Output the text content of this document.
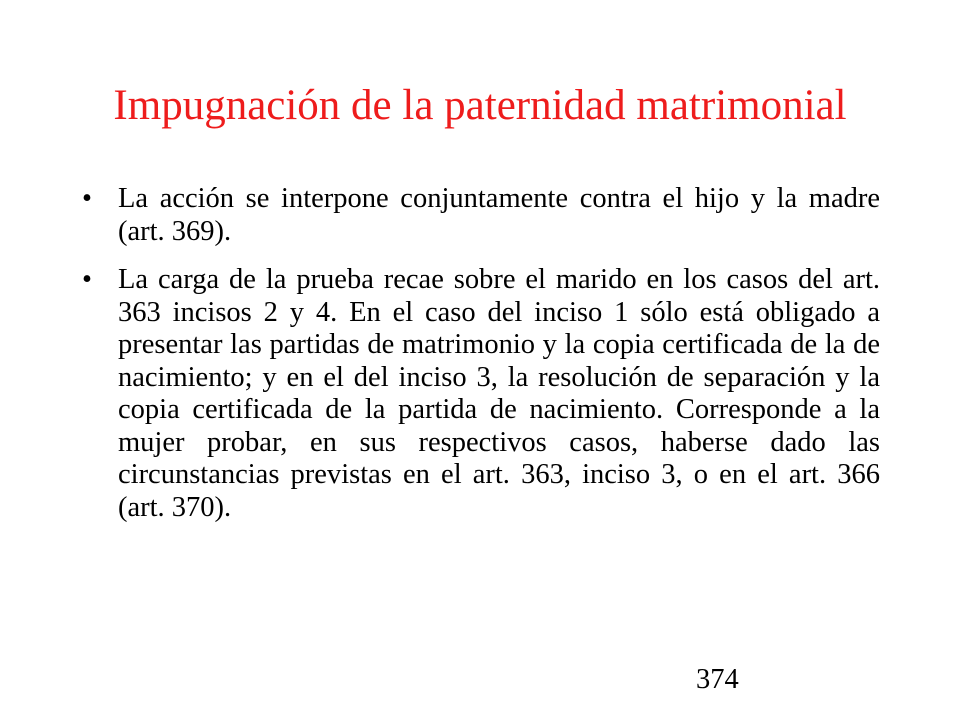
Impugnación de la paternidad matrimonial
• La acción se interpone conjuntamente contra el hijo y la madre (art. 369).
• La carga de la prueba recae sobre el marido en los casos del art. 363 incisos 2 y 4. En el caso del inciso 1 sólo está obligado a presentar las partidas de matrimonio y la copia certificada de la de nacimiento; y en el del inciso 3, la resolución de separación y la copia certificada de la partida de nacimiento. Corresponde a la mujer probar, en sus respectivos casos, haberse dado las circunstancias previstas en el art. 363, inciso 3, o en el art. 366 (art. 370).
374
